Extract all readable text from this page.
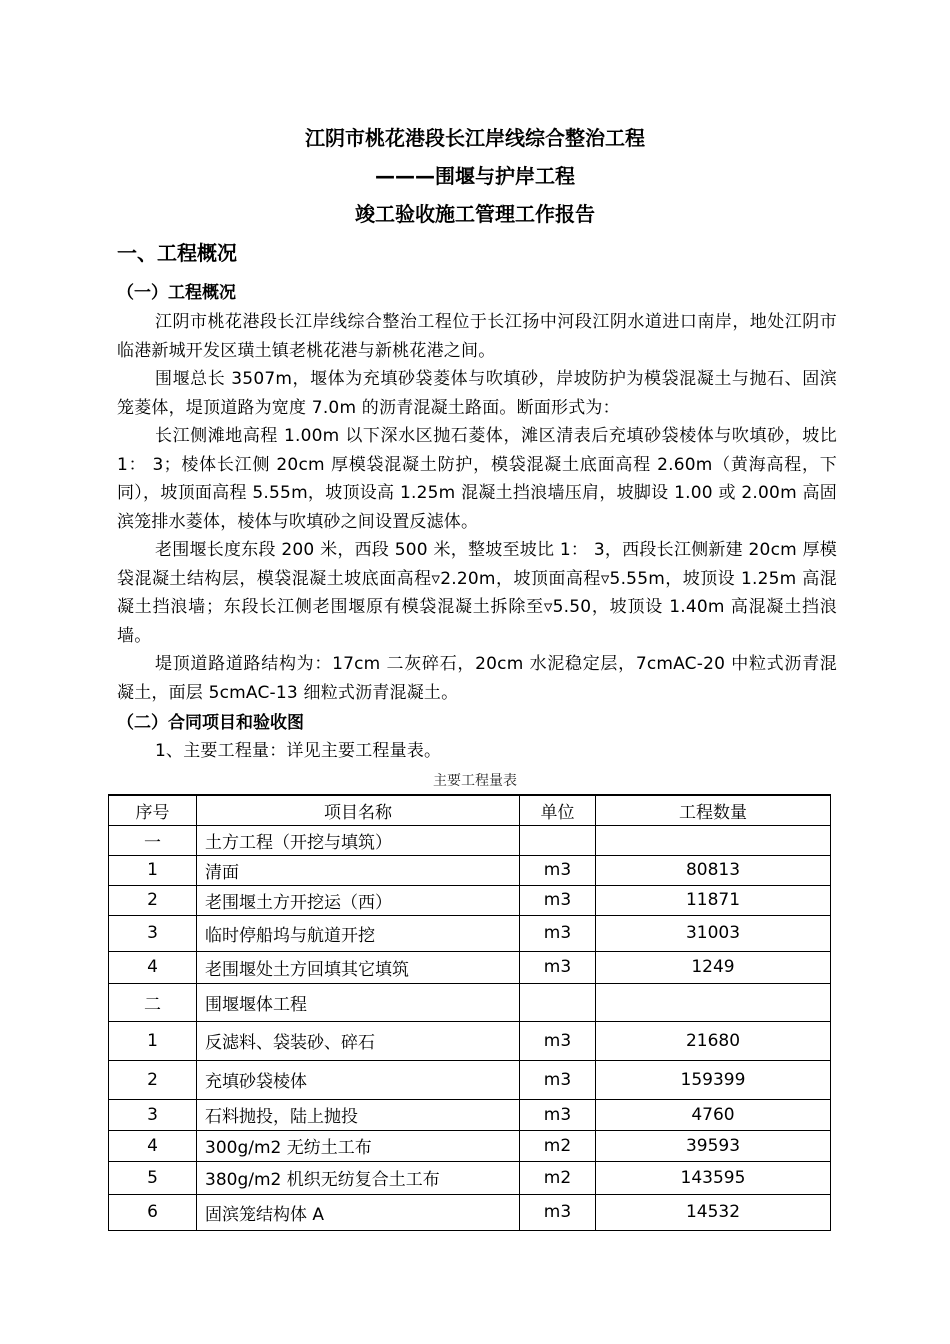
江阴市桃花港段长江岸线综合整治工程
———围堰与护岸工程
竣工验收施工管理工作报告
一、工程概况
（一）工程概况

江阴市桃花港段长江岸线综合整治工程位于长江扬中河段江阴水道进口南岸，地处江阴市临港新城开发区璜土镇老桃花港与新桃花港之间。

围堰总长 3507m，堰体为充填砂袋菱体与吹填砂，岸坡防护为模袋混凝土与抛石、固滨笼菱体，堤顶道路为宽度 7.0m 的沥青混凝土路面。断面形式为：

长江侧滩地高程 1.00m 以下深水区抛石菱体，滩区清表后充填砂袋棱体与吹填砂，坡比 1： 3；棱体长江侧 20cm 厚模袋混凝土防护，模袋混凝土底面高程 2.60m（黄海高程，下同），坡顶面高程 5.55m，坡顶设高 1.25m 混凝土挡浪墙压肩，坡脚设 1.00 或 2.00m 高固滨笼排水菱体，棱体与吹填砂之间设置反滤体。

老围堰长度东段 200 米，西段 500 米，整坡至坡比 1： 3，西段长江侧新建 20cm 厚模袋混凝土结构层，模袋混凝土坡底面高程▿2.20m，坡顶面高程▿5.55m，坡顶设 1.25m 高混凝土挡浪墙；东段长江侧老围堰原有模袋混凝土拆除至▿5.50，坡顶设 1.40m 高混凝土挡浪墙。

堤顶道路道路结构为：17cm 二灰碎石，20cm 水泥稳定层，7cmAC-20 中粒式沥青混凝土，面层 5cmAC-13 细粒式沥青混凝土。

（二）合同项目和验收图

1、主要工程量：详见主要工程量表。

主要工程量表
序号	项目名称	单位	工程数量
一	土方工程（开挖与填筑）		
1	清面	m3	80813
2	老围堰土方开挖运（西）	m3	11871
3	临时停船坞与航道开挖	m3	31003
4	老围堰处土方回填其它填筑	m3	1249
二	围堰堰体工程		
1	反滤料、袋装砂、碎石	m3	21680
2	充填砂袋棱体	m3	159399
3	石料抛投，陆上抛投	m3	4760
4	300g/m2 无纺土工布	m2	39593
5	380g/m2 机织无纺复合土工布	m2	143595
6	固滨笼结构体 A	m3	14532
